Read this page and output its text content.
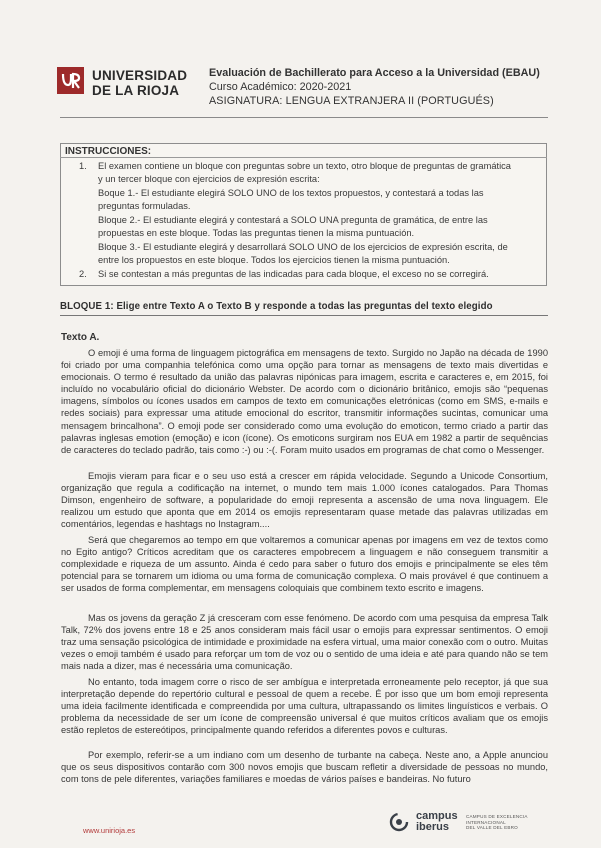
UNIVERSIDAD
DE LA RIOJA
Evaluación de Bachillerato para Acceso a la Universidad (EBAU)
Curso Académico: 2020-2021
ASIGNATURA: LENGUA EXTRANJERA II (PORTUGUÉS)
INSTRUCCIONES:
1. El examen contiene un bloque con preguntas sobre un texto, otro bloque de preguntas de gramática
y un tercer bloque con ejercicios de expresión escrita:
Boque 1.- El estudiante elegirá SOLO UNO de los textos propuestos, y contestará a todas las
preguntas formuladas.
Bloque 2.- El estudiante elegirá y contestará a SOLO UNA pregunta de gramática, de entre las
propuestas en este bloque. Todas las preguntas tienen la misma puntuación.
Bloque 3.- El estudiante elegirá y desarrollará SOLO UNO de los ejercicios de expresión escrita, de
entre los propuestos en este bloque. Todos los ejercicios tienen la misma puntuación.
2. Si se contestan a más preguntas de las indicadas para cada bloque, el exceso no se corregirá.
BLOQUE 1: Elige entre Texto A o Texto B y responde a todas las preguntas del texto elegido
Texto A.

O emoji é uma forma de linguagem pictográfica em mensagens de texto. Surgido no Japão na década de 1990 foi criado por uma companhia telefónica como uma opção para tornar as mensagens de texto mais divertidas e emocionais. O termo é resultado da união das palavras nipónicas para imagem, escrita e caracteres e, em 2015, foi incluído no vocabulário oficial do dicionário Webster. De acordo com o dicionário britânico, emojis são “pequenas imagens, símbolos ou ícones usados em campos de texto em comunicações eletrónicas (como em SMS, e-mails e redes sociais) para expressar uma atitude emocional do escritor, transmitir informações sucintas, comunicar uma mensagem brincalhona”. O emoji pode ser considerado como uma evolução do emoticon, termo criado a partir das palavras inglesas emotion (emoção) e icon (ícone). Os emoticons surgiram nos EUA em 1982 a partir de sequências de caracteres do teclado padrão, tais como :-) ou :-(. Foram muito usados em programas de chat como o Messenger.

Emojis vieram para ficar e o seu uso está a crescer em rápida velocidade. Segundo a Unicode Consortium, organização que regula a codificação na internet, o mundo tem mais 1.000 ícones catalogados. Para Thomas Dimson, engenheiro de software, a popularidade do emoji representa a ascensão de uma nova linguagem. Ele realizou um estudo que aponta que em 2014 os emojis representaram quase metade das palavras utilizadas em comentários, legendas e hashtags no Instagram....

Será que chegaremos ao tempo em que voltaremos a comunicar apenas por imagens em vez de textos como no Egito antigo? Críticos acreditam que os caracteres empobrecem a linguagem e não conseguem transmitir a complexidade e riqueza de um assunto. Ainda é cedo para saber o futuro dos emojis e principalmente se eles têm potencial para se tornarem um idioma ou uma forma de comunicação complexa. O mais provável é que continuem a ser usados de forma complementar, em mensagens coloquiais que combinem texto escrito e imagens.

Mas os jovens da geração Z já cresceram com esse fenómeno. De acordo com uma pesquisa da empresa Talk Talk, 72% dos jovens entre 18 e 25 anos consideram mais fácil usar o emojis para expressar sentimentos. O emoji traz uma sensação psicológica de intimidade e proximidade na esfera virtual, uma maior conexão com o outro. Muitas vezes o emoji também é usado para reforçar um tom de voz ou o sentido de uma ideia e até para quando não se tem mais nada a dizer, mas é necessária uma comunicação.

No entanto, toda imagem corre o risco de ser ambígua e interpretada erroneamente pelo receptor, já que sua interpretação depende do repertório cultural e pessoal de quem a recebe. É por isso que um bom emoji representa uma ideia facilmente identificada e compreendida por uma cultura, ultrapassando os limites linguísticos e verbais. O problema da necessidade de ser um ícone de compreensão universal é que muitos críticos avaliam que os emojis estão repletos de estereótipos, principalmente quando referidos a diferentes povos e culturas.

Por exemplo, referir-se a um indiano com um desenho de turbante na cabeça. Neste ano, a Apple anunciou que os seus dispositivos contarão com 300 novos emojis que buscam refletir a diversidade de pessoas no mundo, com tons de pele diferentes, variações familiares e moedas de vários países e bandeiras. No futuro

www.unirioja.es
campus
iberus
CAMPUS DE EXCELENCIA
INTERNACIONAL
DEL VALLE DEL EBRO
